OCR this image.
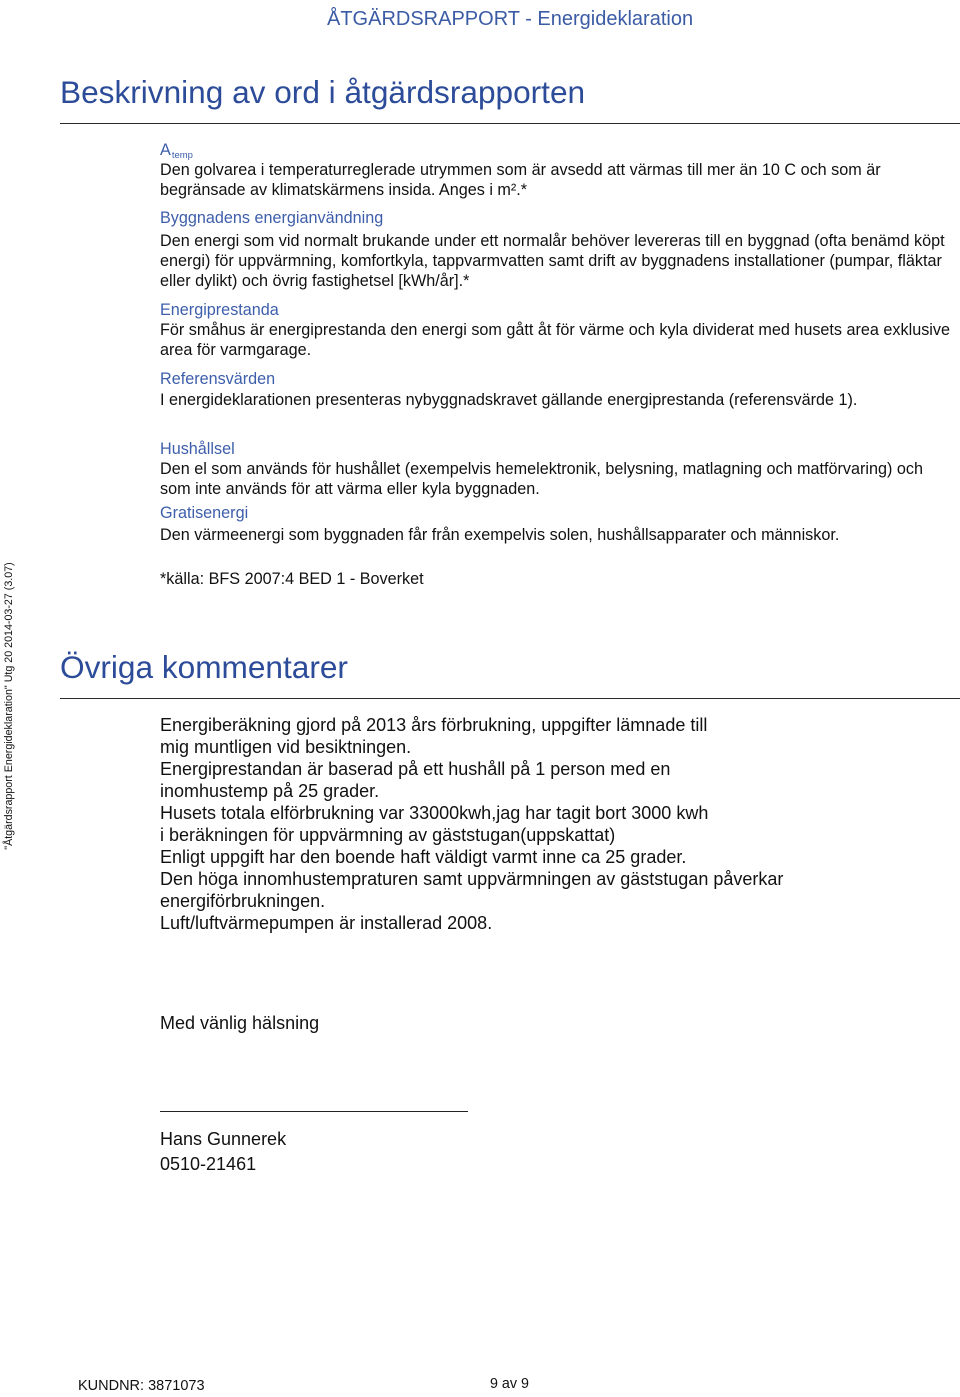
ÅTGÄRDSRAPPORT - Energideklaration
Beskrivning av ord i åtgärdsrapporten
Atemp
Den golvarea i temperaturreglerade utrymmen som är avsedd att värmas till mer än 10 C och som är
begränsade av klimatskärmens insida. Anges i m².*
Byggnadens energianvändning
Den energi som vid normalt brukande under ett normalår behöver levereras till en byggnad (ofta benämd köpt
energi) för uppvärmning, komfortkyla, tappvarmvatten samt drift av byggnadens installationer (pumpar, fläktar
eller dylikt) och övrig fastighetsel [kWh/år].*
Energiprestanda
För småhus är energiprestanda den energi som gått åt för värme och kyla dividerat med husets area exklusive
area för varmgarage.
Referensvärden
I energideklarationen presenteras nybyggnadskravet gällande energiprestanda (referensvärde 1).
Hushållsel
Den el som används för hushållet (exempelvis hemelektronik, belysning, matlagning och matförvaring) och
som inte används för att värma eller kyla byggnaden.
Gratisenergi
Den värmeenergi som byggnaden får från exempelvis solen, hushållsapparater och människor.
*källa: BFS 2007:4 BED 1 - Boverket
Övriga kommentarer
Energiberäkning gjord på 2013 års förbrukning, uppgifter lämnade till
mig muntligen vid besiktningen.
Energiprestandan är baserad på ett hushåll på 1 person med en
inomhustemp på 25 grader.
Husets totala elförbrukning var 33000kwh,jag har tagit bort 3000 kwh
i beräkningen för uppvärmning av gäststugan(uppskattat)
Enligt uppgift har den boende haft väldigt varmt inne ca 25 grader.
Den höga innomhustempraturen samt uppvärmningen av gäststugan påverkar
energiförbrukningen.
Luft/luftvärmepumpen är installerad 2008.
Med vänlig hälsning
Hans Gunnerek
0510-21461
"Åtgärdsrapport Energideklaration" Utg 20 2014-03-27 (3.07)
KUNDNR: 3871073	9 av 9
